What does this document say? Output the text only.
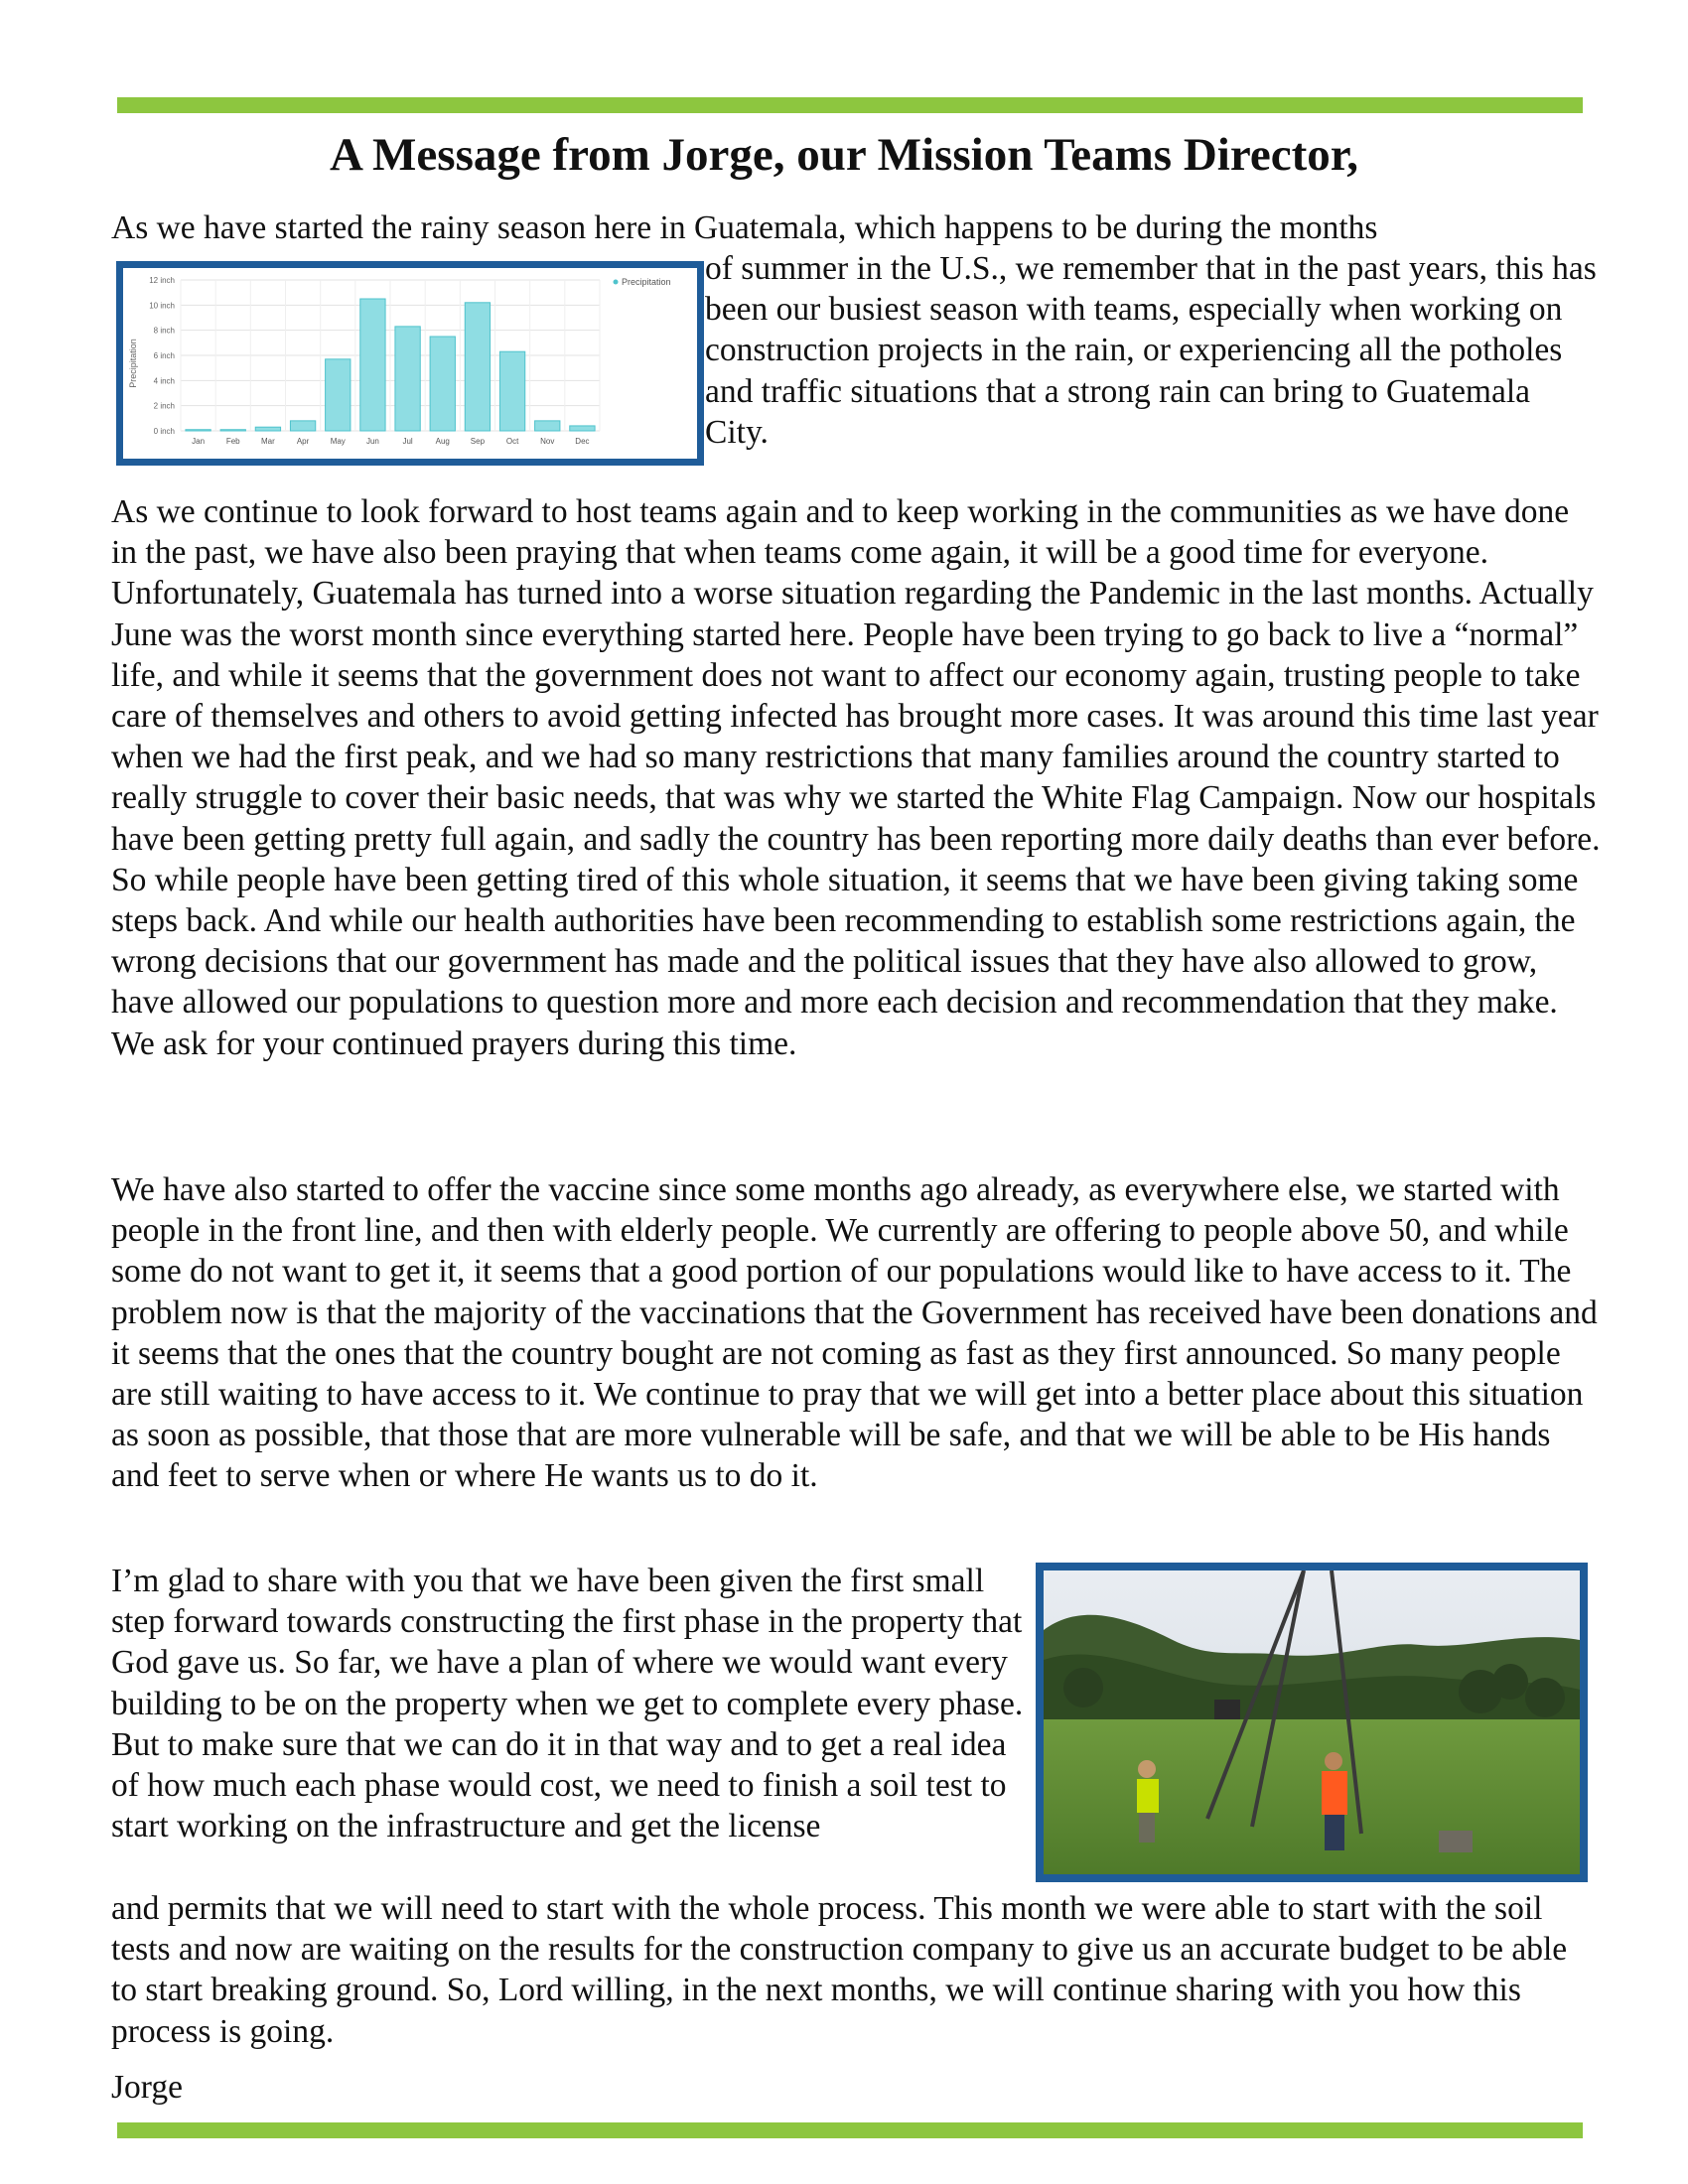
A Message from Jorge, our Mission Teams Director,

As we have started the rainy season here in Guatemala, which happens to be during the months

Jan	Feb	Mar	Apr	May	Jun	Jul	Aug	Sep	Oct	Nov	Dec
0 inch
2 inch
4 inch
6 inch
8 inch
10 inch
12 inch
Precipitation
Precipitation of summer in the U.S., we remember that in the past years, this has been our busiest season with teams, especially when working on construction projects in the rain, or experiencing all the potholes and traffic situations that a strong rain can bring to Guatemala City.

As we continue to look forward to host teams again and to keep working in the communities as we have done in the past, we have also been praying that when teams come again, it will be a good time for everyone. Unfortunately, Guatemala has turned into a worse situation regarding the Pandemic in the last months. Actually June was the worst month since everything started here. People have been trying to go back to live a “normal” life, and while it seems that the government does not want to affect our economy again, trusting people to take care of themselves and others to avoid getting infected has brought more cases. It was around this time last year when we had the first peak, and we had so many restrictions that many families around the country started to really struggle to cover their basic needs, that was why we started the White Flag Campaign. Now our hospitals have been getting pretty full again, and sadly the country has been reporting more daily deaths than ever before. So while people have been getting tired of this whole situation, it seems that we have been giving taking some steps back. And while our health authorities have been recommending to establish some restrictions again, the wrong decisions that our government has made and the political issues that they have also allowed to grow, have allowed our populations to question more and more each decision and recommendation that they make. We ask for your continued prayers during this time.

We have also started to offer the vaccine since some months ago already, as everywhere else, we started with people in the front line, and then with elderly people. We currently are offering to people above 50, and while some do not want to get it, it seems that a good portion of our populations would like to have access to it. The problem now is that the majority of the vaccinations that the Government has received have been donations and it seems that the ones that the country bought are not coming as fast as they first announced. So many people are still waiting to have access to it. We continue to pray that we will get into a better place about this situation as soon as possible, that those that are more vulnerable will be safe, and that we will be able to be His hands and feet to serve when or where He wants us to do it.

I’m glad to share with you that we have been given the first small step forward towards constructing the first phase in the property that God gave us. So far, we have a plan of where we would want every building to be on the property when we get to complete every phase. But to make sure that we can do it in that way and to get a real idea of how much each phase would cost, we need to finish a soil test to start working on the infrastructure and get the license

and permits that we will need to start with the whole process. This month we were able to start with the soil tests and now are waiting on the results for the construction company to give us an accurate budget to be able to start breaking ground. So, Lord willing, in the next months, we will continue sharing with you how this process is going.

Jorge
